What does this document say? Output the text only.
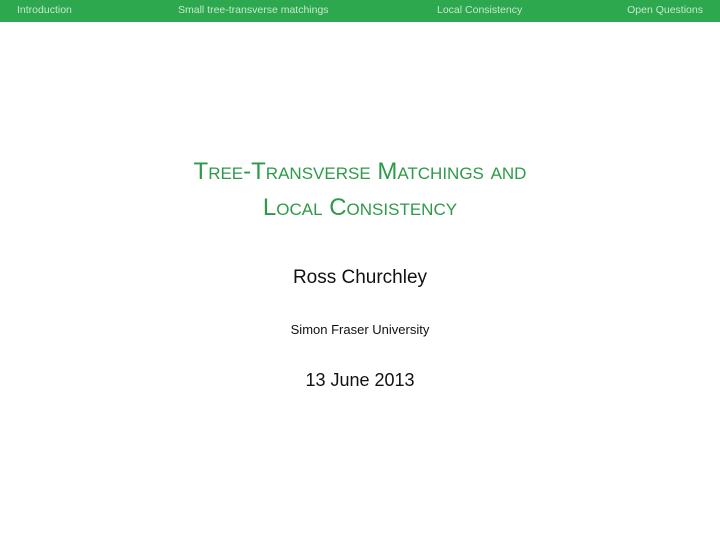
Introduction	Small tree-transverse matchings	Local Consistency	Open Questions
Tree-Transverse Matchings and
Local Consistency
Ross Churchley
Simon Fraser University
13 June 2013
